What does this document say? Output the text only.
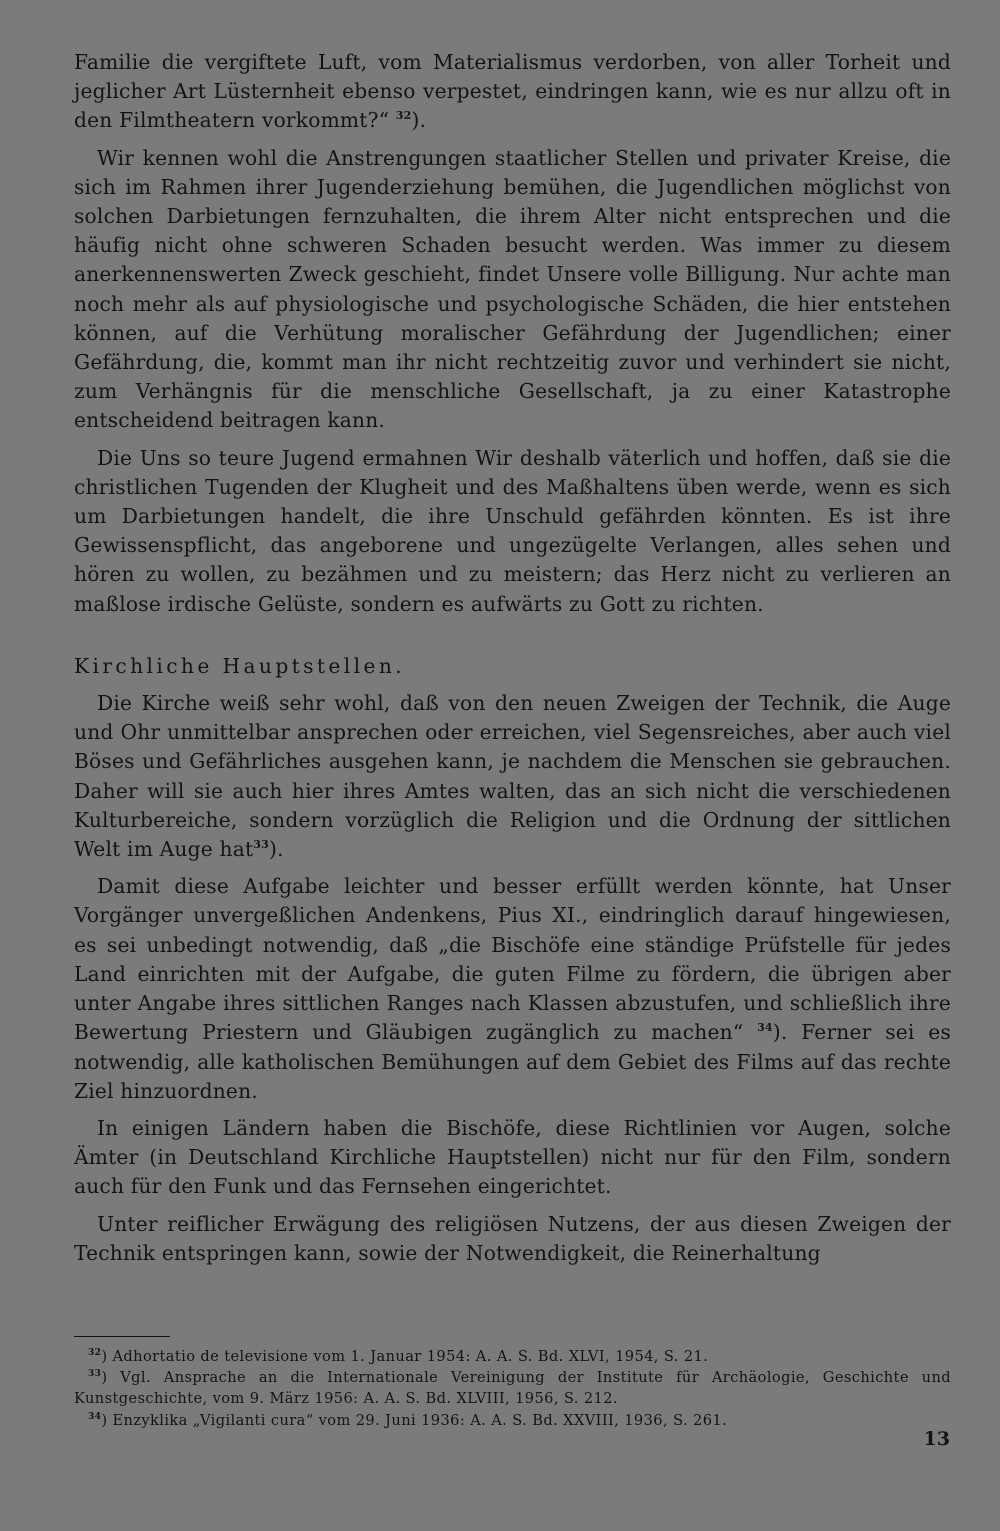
Familie die vergiftete Luft, vom Materialismus verdorben, von aller Torheit und jeglicher Art Lüsternheit ebenso verpestet, eindringen kann, wie es nur allzu oft in den Filmtheatern vorkommt?“ $^{32}$).

Wir kennen wohl die Anstrengungen staatlicher Stellen und privater Kreise, die sich im Rahmen ihrer Jugenderziehung bemühen, die Jugendlichen möglichst von solchen Darbietungen fernzuhalten, die ihrem Alter nicht entsprechen und die häufig nicht ohne schweren Schaden besucht werden. Was immer zu diesem anerkennenswerten Zweck geschieht, findet Unsere volle Billigung. Nur achte man noch mehr als auf physiologische und psychologische Schäden, die hier entstehen können, auf die Verhütung moralischer Gefährdung der Jugendlichen; einer Gefährdung, die, kommt man ihr nicht rechtzeitig zuvor und verhindert sie nicht, zum Verhängnis für die menschliche Gesellschaft, ja zu einer Katastrophe entscheidend beitragen kann.

Die Uns so teure Jugend ermahnen Wir deshalb väterlich und hoffen, daß sie die christlichen Tugenden der Klugheit und des Maßhaltens üben werde, wenn es sich um Darbietungen handelt, die ihre Unschuld gefährden könnten. Es ist ihre Gewissenspflicht, das angeborene und ungezügelte Verlangen, alles sehen und hören zu wollen, zu bezähmen und zu meistern; das Herz nicht zu verlieren an maßlose irdische Gelüste, sondern es aufwärts zu Gott zu richten.

Kirchliche Hauptstellen.

Die Kirche weiß sehr wohl, daß von den neuen Zweigen der Technik, die Auge und Ohr unmittelbar ansprechen oder erreichen, viel Segensreiches, aber auch viel Böses und Gefährliches ausgehen kann, je nachdem die Menschen sie gebrauchen. Daher will sie auch hier ihres Amtes walten, das an sich nicht die verschiedenen Kulturbereiche, sondern vorzüglich die Religion und die Ordnung der sittlichen Welt im Auge hat$^{33}$).

Damit diese Aufgabe leichter und besser erfüllt werden könnte, hat Unser Vorgänger unvergeßlichen Andenkens, Pius XI., eindringlich darauf hingewiesen, es sei unbedingt notwendig, daß „die Bischöfe eine ständige Prüfstelle für jedes Land einrichten mit der Aufgabe, die guten Filme zu fördern, die übrigen aber unter Angabe ihres sittlichen Ranges nach Klassen abzustufen, und schließlich ihre Bewertung Priestern und Gläubigen zugänglich zu machen“ $^{34}$). Ferner sei es notwendig, alle katholischen Bemühungen auf dem Gebiet des Films auf das rechte Ziel hinzuordnen.

In einigen Ländern haben die Bischöfe, diese Richtlinien vor Augen, solche Ämter (in Deutschland Kirchliche Hauptstellen) nicht nur für den Film, sondern auch für den Funk und das Fernsehen eingerichtet.

Unter reiflicher Erwägung des religiösen Nutzens, der aus diesen Zweigen der Technik entspringen kann, sowie der Notwendigkeit, die Reinerhaltung

$^{32}$) Adhortatio de televisione vom 1. Januar 1954: A. A. S. Bd. XLVI, 1954, S. 21.

$^{33}$) Vgl. Ansprache an die Internationale Vereinigung der Institute für Archäologie, Geschichte und Kunstgeschichte, vom 9. März 1956: A. A. S. Bd. XLVIII, 1956, S. 212.

$^{34}$) Enzyklika „Vigilanti cura“ vom 29. Juni 1936: A. A. S. Bd. XXVIII, 1936, S. 261.

13
